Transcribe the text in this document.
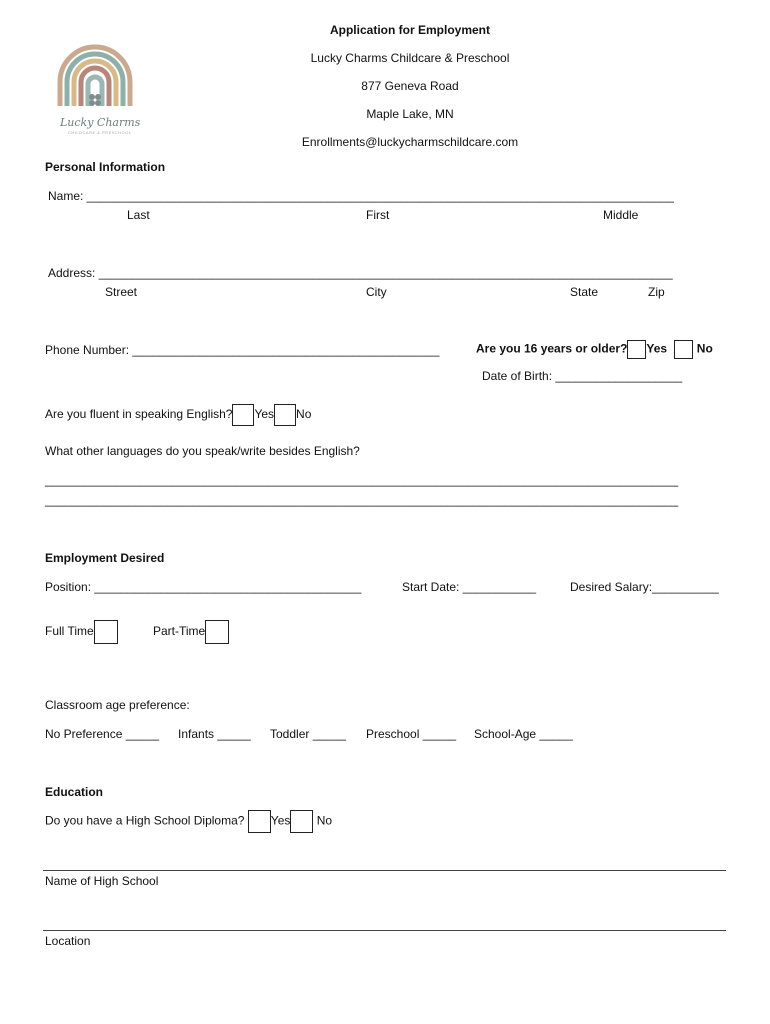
Lucky Charms
CHILDCARE & PRESCHOOL
Application for Employment
Lucky Charms Childcare & Preschool
877 Geneva Road
Maple Lake, MN
Enrollments@luckycharmschildcare.com
Personal Information
Name: ________________________________________________________________________________________
Last	First	Middle
Address: ______________________________________________________________________________________
Street	City	State	Zip
Phone Number: ______________________________________________	Are you 16 years or older? Yes No
Date of Birth: ___________________
Are you fluent in speaking English? Yes No
What other languages do you speak/write besides English?
___________________________________________________________________________________________________
___________________________________________________________________________________________________
Employment Desired
Position: ________________________________________	Start Date: ___________	Desired Salary:__________
Full Time	Part-Time
Classroom age preference:
No Preference _____ Infants _____ Toddler _____ Preschool _____ School-Age _____
Education
Do you have a High School Diploma? Yes No
Name of High School
Location
